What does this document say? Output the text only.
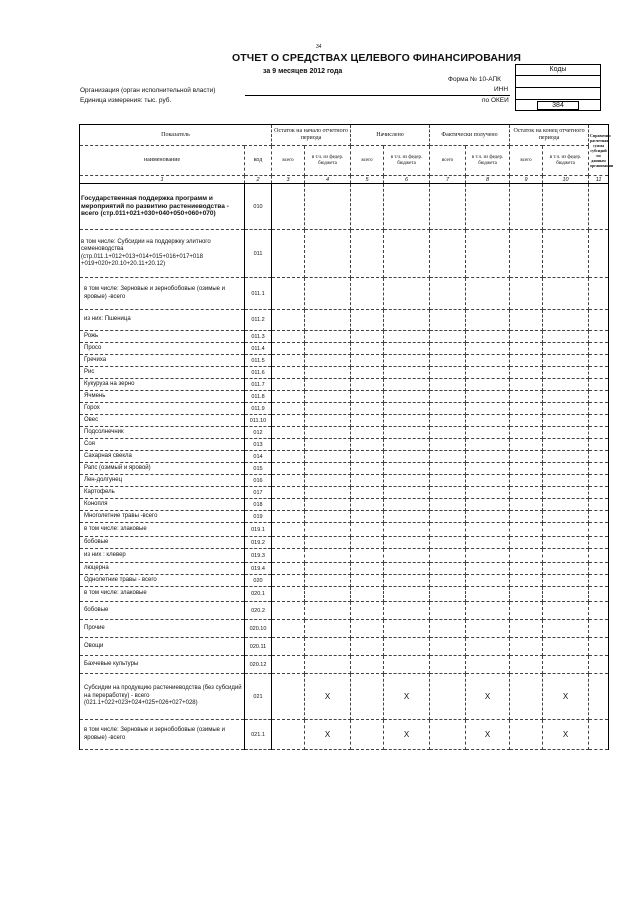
34
ОТЧЕТ О СРЕДСТВАХ ЦЕЛЕВОГО ФИНАНСИРОВАНИЯ
за 9 месяцев 2012 года
Форма № 10-АПК
ИНН
по ОКЕИ
Организация (орган исполнительной власти)
Единица измерения: тыс. руб.
Коды
384
Показатель		Остаток на начало отчетного периода		Начислено		Фактически получено		Остаток на конец отчетного периода		Справочно: расчетная сумма субсидий по данным организации
наименование	код	всего	в т.ч. из федер. бюджета	всего	в т.ч. из федер. бюджета	всего	в т.ч. из федер. бюджета	всего	в т.ч. из федер. бюджета	
1	2	3	4	5	6	7	8	9	10	11
Государственная поддержка программ и мероприятий по развитию растениеводства - всего (стр.011+021+030+040+050+060+070)	010									
в том числе: Субсидии на поддержку элитного семеноводства (стр.011.1+012+013+014+015+016+017+018 +019+020+20.10+20.11+20.12)	011									
в том числе: Зерновые и зернобобовые (озимые и яровые) -всего	011.1									
из них: Пшеница	011.2									
Рожь	011.3									
Просо	011.4									
Гречиха	011.5									
Рис	011.6									
Кукуруза на зерно	011.7									
Ячмень	011.8									
Горох	011.9									
Овес	011.10									
Подсолнечник	012									
Соя	013									
Сахарная свекла	014									
Рапс (озимый и яровой)	015									
Лен-долгунец	016									
Картофель	017									
Конопля	018									
Многолетние травы -всего	019									
в том числе: злаковые	019.1									
бобовые	019.2									
из них : клевер	019.3									
люцерна	019.4									
Однолетние травы - всего	020									
в том числе: злаковые	020.1									
бобовые	020.2									
Прочие	020.10									
Овощи	020.11									
Бахчевые культуры	020.12									
Субсидии на продукцию растениеводства (без субсидий на переработку) - всего (021.1+022+023+024+025+026+027+028)	021		X		X		X		X	
в том числе: Зерновые и зернобобовые (озимые и яровые) -всего	021.1		X		X		X		X	
